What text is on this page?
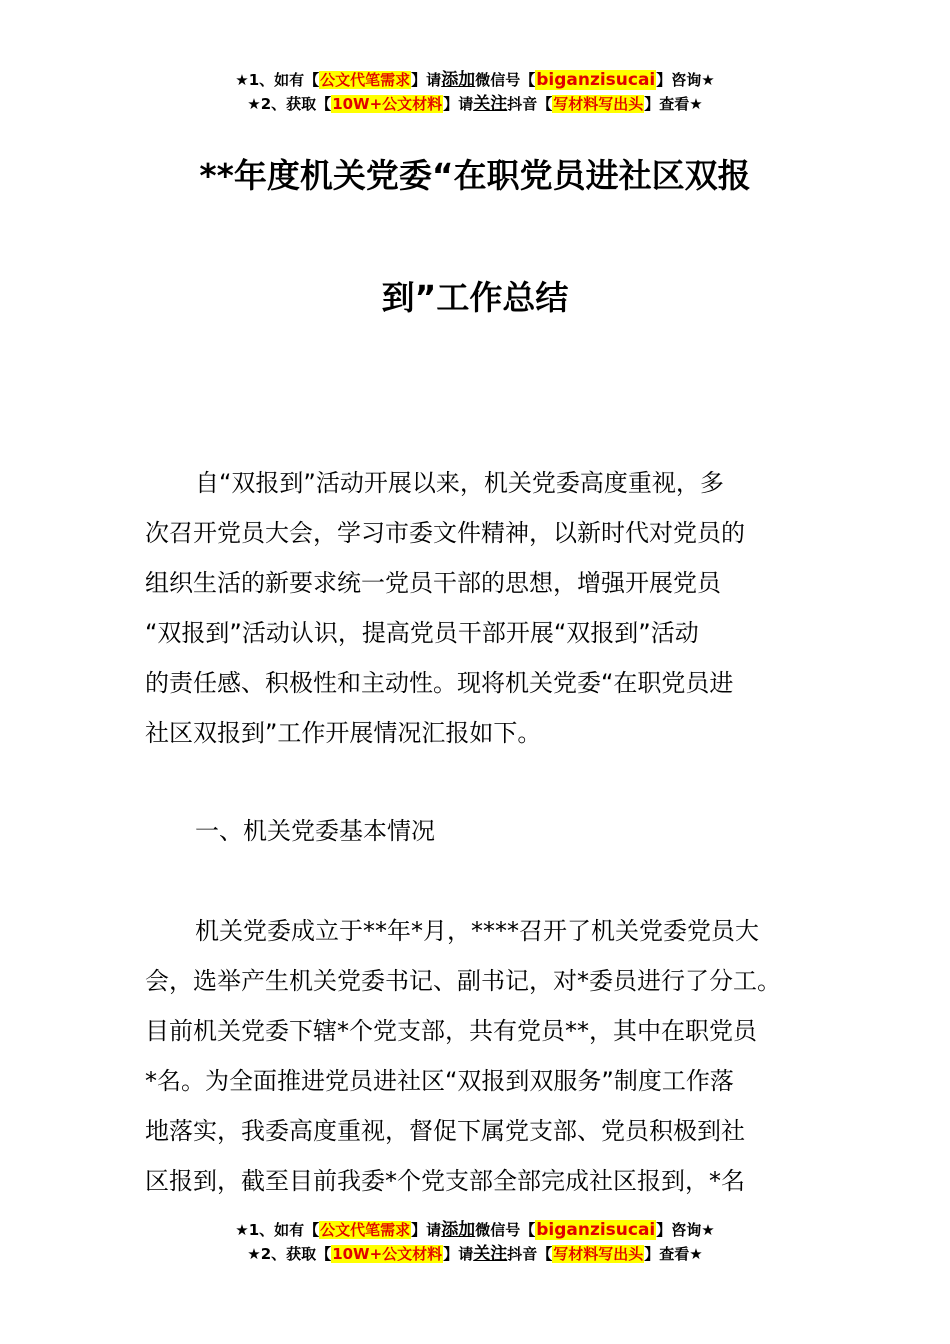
★1、如有【公文代笔需求】请添加微信号【biganzisucai】咨询★
★2、获取【10W+公文材料】请关注抖音【写材料写出头】查看★
**年度机关党委“在职党员进社区双报
到”工作总结
自“双报到”活动开展以来，机关党委高度重视，多
次召开党员大会，学习市委文件精神，以新时代对党员的
组织生活的新要求统一党员干部的思想，增强开展党员
“双报到”活动认识，提高党员干部开展“双报到”活动
的责任感、积极性和主动性。现将机关党委“在职党员进
社区双报到”工作开展情况汇报如下。
一、机关党委基本情况
机关党委成立于**年*月，****召开了机关党委党员大
会，选举产生机关党委书记、副书记，对*委员进行了分工。
目前机关党委下辖*个党支部，共有党员**，其中在职党员
*名。为全面推进党员进社区“双报到双服务”制度工作落
地落实，我委高度重视，督促下属党支部、党员积极到社
区报到，截至目前我委*个党支部全部完成社区报到，*名
★1、如有【公文代笔需求】请添加微信号【biganzisucai】咨询★
★2、获取【10W+公文材料】请关注抖音【写材料写出头】查看★
